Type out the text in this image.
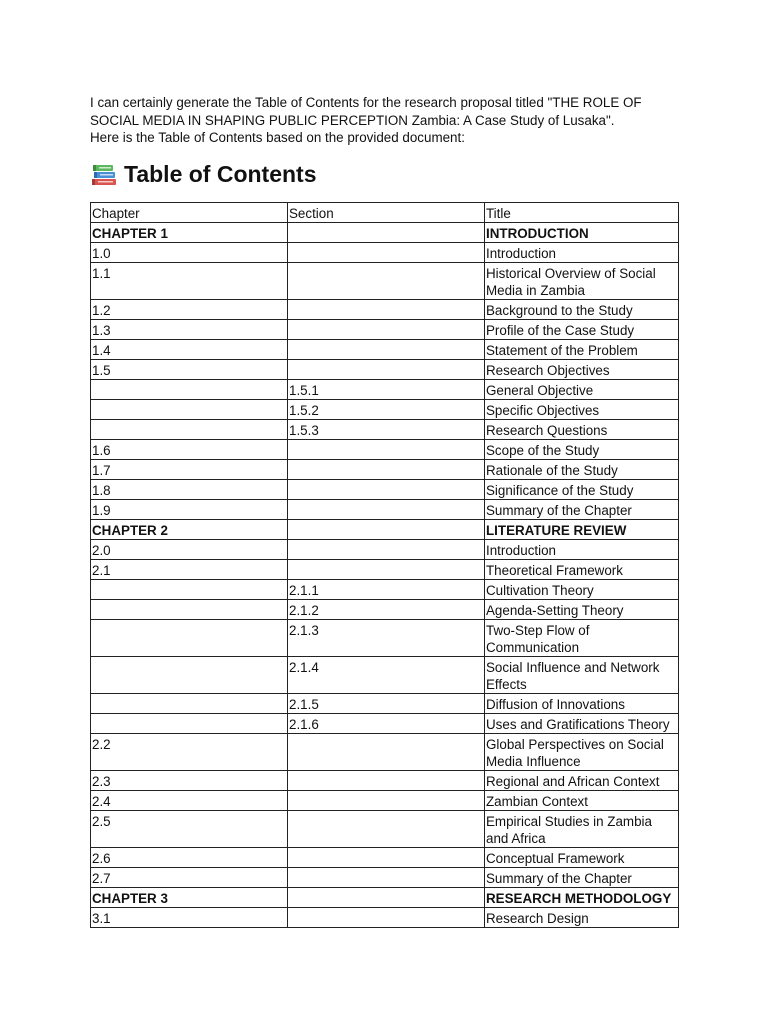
I can certainly generate the Table of Contents for the research proposal titled "THE ROLE OF

SOCIAL MEDIA IN SHAPING PUBLIC PERCEPTION Zambia: A Case Study of Lusaka".

Here is the Table of Contents based on the provided document:

Table of Contents
Chapter	Section	Title
CHAPTER 1		INTRODUCTION
1.0		Introduction
1.1		Historical Overview of Social Media in Zambia
1.2		Background to the Study
1.3		Profile of the Case Study
1.4		Statement of the Problem
1.5		Research Objectives
	1.5.1	General Objective
	1.5.2	Specific Objectives
	1.5.3	Research Questions
1.6		Scope of the Study
1.7		Rationale of the Study
1.8		Significance of the Study
1.9		Summary of the Chapter
CHAPTER 2		LITERATURE REVIEW
2.0		Introduction
2.1		Theoretical Framework
	2.1.1	Cultivation Theory
	2.1.2	Agenda-Setting Theory
	2.1.3	Two-Step Flow of Communication
	2.1.4	Social Influence and Network Effects
	2.1.5	Diffusion of Innovations
	2.1.6	Uses and Gratifications Theory
2.2		Global Perspectives on Social Media Influence
2.3		Regional and African Context
2.4		Zambian Context
2.5		Empirical Studies in Zambia and Africa
2.6		Conceptual Framework
2.7		Summary of the Chapter
CHAPTER 3		RESEARCH METHODOLOGY
3.1		Research Design
